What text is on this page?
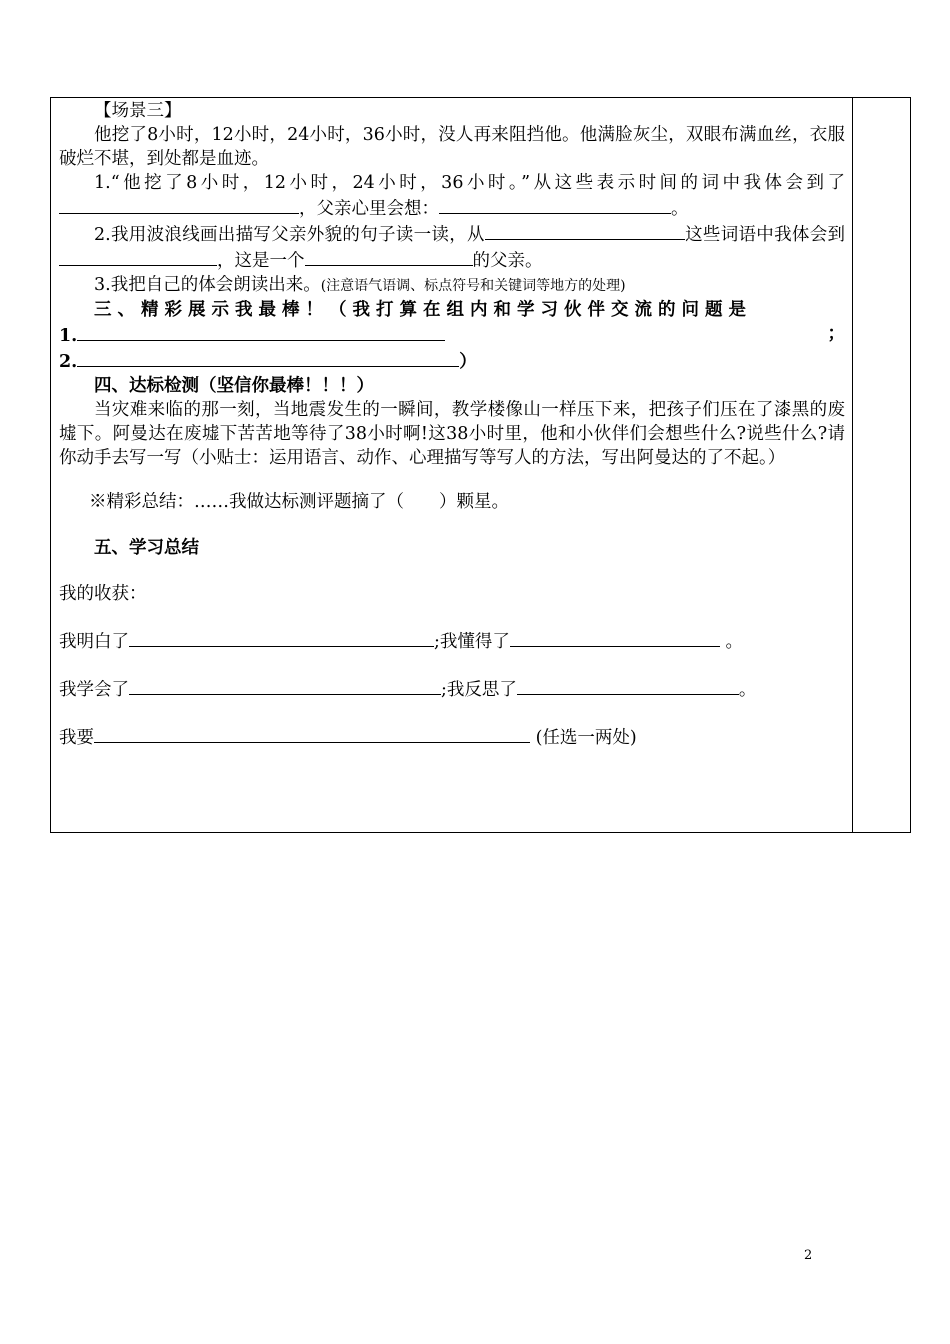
【场景三】

他挖了8小时，12小时，24小时，36小时，没人再来阻挡他。他满脸灰尘，双眼布满血丝，衣服破烂不堪，到处都是血迹。

1.“他挖了8小时，12小时，24小时，36小时。”从这些表示时间的词中我体会到了，父亲心里会想：	。

2.我用波浪线画出描写父亲外貌的句子读一读，从	这些词语中我体会到，这是一个	的父亲。

3.我把自己的体会朗读出来。(注意语气语调、标点符号和关键词等地方的处理)

三、精彩展示我最棒！（我打算在组内和学习伙伴交流的问题是

1.	；
2.	）

四、达标检测（坚信你最棒！！！）

当灾难来临的那一刻，当地震发生的一瞬间，教学楼像山一样压下来，把孩子们压在了漆黑的废墟下。阿曼达在废墟下苦苦地等待了38小时啊!这38小时里，他和小伙伴们会想些什么?说些什么?请你动手去写一写（小贴士：运用语言、动作、心理描写等写人的方法，写出阿曼达的了不起。）

※精彩总结：……我做达标测评题摘了（　　）颗星。

五、学习总结

我的收获：

我明白了	;我懂得了	。

我学会了	;我反思了	。

我要	(任选一两处)

2
